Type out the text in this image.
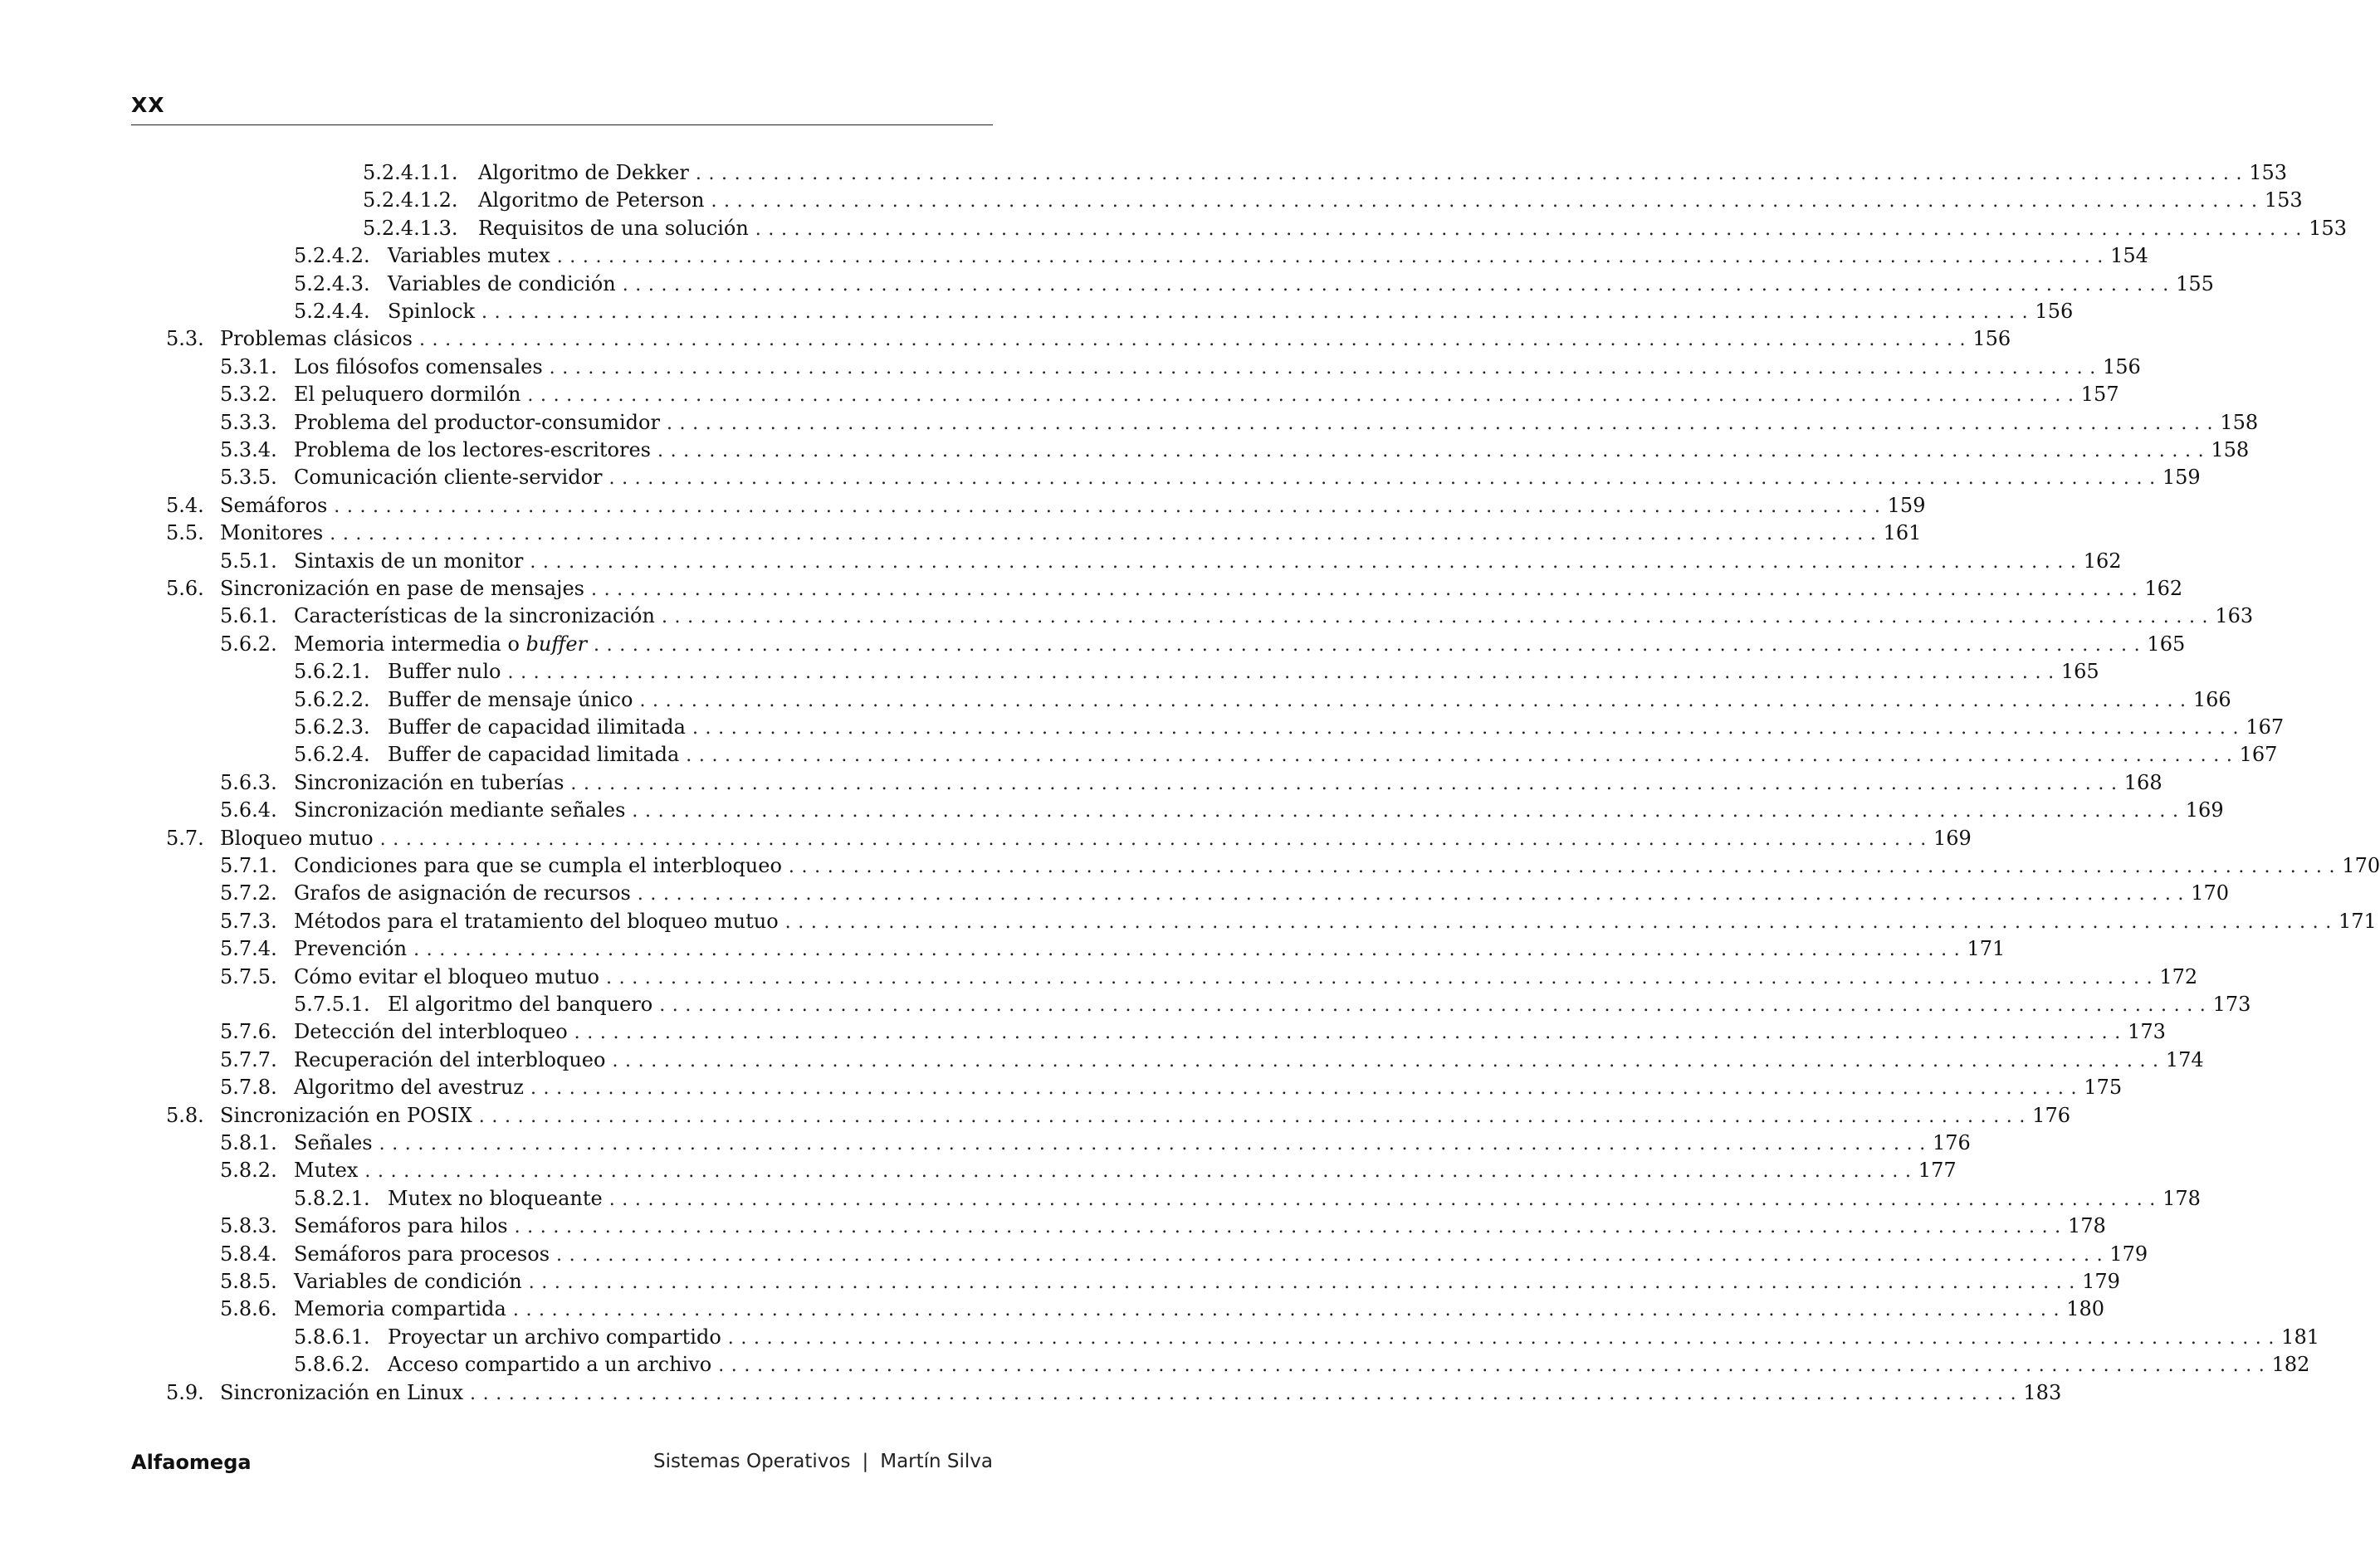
XX
5.2.4.1.1.	Algoritmo de Dekker ........................................................................................................................ 153
5.2.4.1.2.	Algoritmo de Peterson ........................................................................................................................ 153
5.2.4.1.3.	Requisitos de una solución ........................................................................................................................ 153
5.2.4.2. Variables mutex ........................................................................................................................ 154
5.2.4.3. Variables de condición ........................................................................................................................ 155
5.2.4.4. Spinlock ........................................................................................................................ 156
5.3. Problemas clásicos ........................................................................................................................ 156
5.3.1. Los filósofos comensales ........................................................................................................................ 156
5.3.2. El peluquero dormilón ........................................................................................................................ 157
5.3.3. Problema del productor-consumidor ........................................................................................................................ 158
5.3.4. Problema de los lectores-escritores ........................................................................................................................ 158
5.3.5. Comunicación cliente-servidor ........................................................................................................................ 159
5.4. Semáforos ........................................................................................................................ 159
5.5. Monitores ........................................................................................................................ 161
5.5.1. Sintaxis de un monitor ........................................................................................................................ 162
5.6. Sincronización en pase de mensajes ........................................................................................................................ 162
5.6.1. Características de la sincronización ........................................................................................................................ 163
5.6.2. Memoria intermedia o buffer ........................................................................................................................ 165
5.6.2.1. Buffer nulo ........................................................................................................................ 165
5.6.2.2. Buffer de mensaje único ........................................................................................................................ 166
5.6.2.3. Buffer de capacidad ilimitada ........................................................................................................................ 167
5.6.2.4. Buffer de capacidad limitada ........................................................................................................................ 167
5.6.3. Sincronización en tuberías ........................................................................................................................ 168
5.6.4. Sincronización mediante señales ........................................................................................................................ 169
5.7. Bloqueo mutuo ........................................................................................................................ 169
5.7.1. Condiciones para que se cumpla el interbloqueo ........................................................................................................................ 170
5.7.2. Grafos de asignación de recursos ........................................................................................................................ 170
5.7.3. Métodos para el tratamiento del bloqueo mutuo ........................................................................................................................ 171
5.7.4. Prevención ........................................................................................................................ 171
5.7.5. Cómo evitar el bloqueo mutuo ........................................................................................................................ 172
5.7.5.1. El algoritmo del banquero ........................................................................................................................ 173
5.7.6. Detección del interbloqueo ........................................................................................................................ 173
5.7.7. Recuperación del interbloqueo ........................................................................................................................ 174
5.7.8. Algoritmo del avestruz ........................................................................................................................ 175
5.8. Sincronización en POSIX ........................................................................................................................ 176
5.8.1. Señales ........................................................................................................................ 176
5.8.2. Mutex ........................................................................................................................ 177
5.8.2.1. Mutex no bloqueante ........................................................................................................................ 178
5.8.3. Semáforos para hilos ........................................................................................................................ 178
5.8.4. Semáforos para procesos ........................................................................................................................ 179
5.8.5. Variables de condición ........................................................................................................................ 179
5.8.6. Memoria compartida ........................................................................................................................ 180
5.8.6.1. Proyectar un archivo compartido ........................................................................................................................ 181
5.8.6.2. Acceso compartido a un archivo ........................................................................................................................ 182
5.9. Sincronización en Linux ........................................................................................................................ 183
Alfaomega	Sistemas Operativos | Martín Silva
